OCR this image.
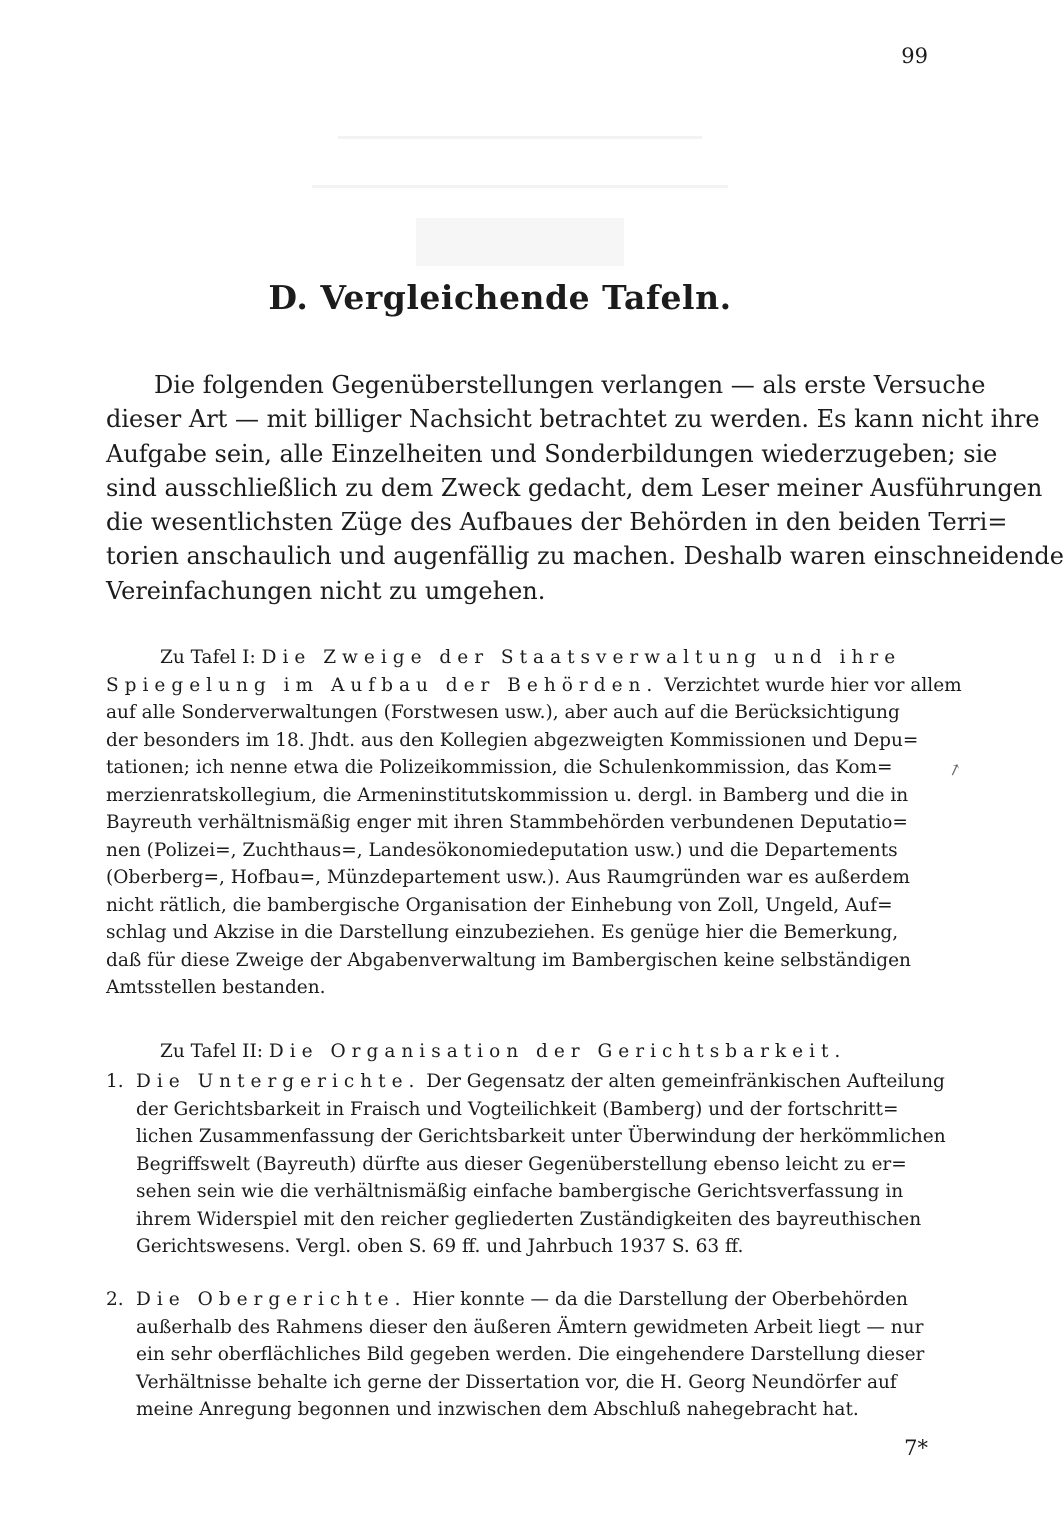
99
D. Vergleichende Tafeln.
Die folgenden Gegenüberstellungen verlangen — als erste Versuche
dieser Art — mit billiger Nachsicht betrachtet zu werden. Es kann nicht ihre
Aufgabe sein, alle Einzelheiten und Sonderbildungen wiederzugeben; sie
sind ausschließlich zu dem Zweck gedacht, dem Leser meiner Ausführungen
die wesentlichsten Züge des Aufbaues der Behörden in den beiden Terri=
torien anschaulich und augenfällig zu machen. Deshalb waren einschneidende
Vereinfachungen nicht zu umgehen.
Zu Tafel I: Die Zweige der Staatsverwaltung und ihre
Spiegelung im Aufbau der Behörden. Verzichtet wurde hier vor allem
auf alle Sonderverwaltungen (Forstwesen usw.), aber auch auf die Berücksichtigung
der besonders im 18. Jhdt. aus den Kollegien abgezweigten Kommissionen und Depu=
tationen; ich nenne etwa die Polizeikommission, die Schulenkommission, das Kom=
merzienratskollegium, die Armeninstitutskommission u. dergl. in Bamberg und die in
Bayreuth verhältnismäßig enger mit ihren Stammbehörden verbundenen Deputatio=
nen (Polizei=, Zuchthaus=, Landesökonomiedeputation usw.) und die Departements
(Oberberg=, Hofbau=, Münzdepartement usw.). Aus Raumgründen war es außerdem
nicht rätlich, die bambergische Organisation der Einhebung von Zoll, Ungeld, Auf=
schlag und Akzise in die Darstellung einzubeziehen. Es genüge hier die Bemerkung,
daß für diese Zweige der Abgabenverwaltung im Bambergischen keine selbständigen
Amtsstellen bestanden.
↗
Zu Tafel II: Die Organisation der Gerichtsbarkeit.
1. Die Untergerichte. Der Gegensatz der alten gemeinfränkischen Aufteilung
der Gerichtsbarkeit in Fraisch und Vogteilichkeit (Bamberg) und der fortschritt=
lichen Zusammenfassung der Gerichtsbarkeit unter Überwindung der herkömmlichen
Begriffswelt (Bayreuth) dürfte aus dieser Gegenüberstellung ebenso leicht zu er=
sehen sein wie die verhältnismäßig einfache bambergische Gerichtsverfassung in
ihrem Widerspiel mit den reicher gegliederten Zuständigkeiten des bayreuthischen
Gerichtswesens. Vergl. oben S. 69 ff. und Jahrbuch 1937 S. 63 ff.
2. Die Obergerichte. Hier konnte — da die Darstellung der Oberbehörden
außerhalb des Rahmens dieser den äußeren Ämtern gewidmeten Arbeit liegt — nur
ein sehr oberflächliches Bild gegeben werden. Die eingehendere Darstellung dieser
Verhältnisse behalte ich gerne der Dissertation vor, die H. Georg Neundörfer auf
meine Anregung begonnen und inzwischen dem Abschluß nahegebracht hat.
7*
